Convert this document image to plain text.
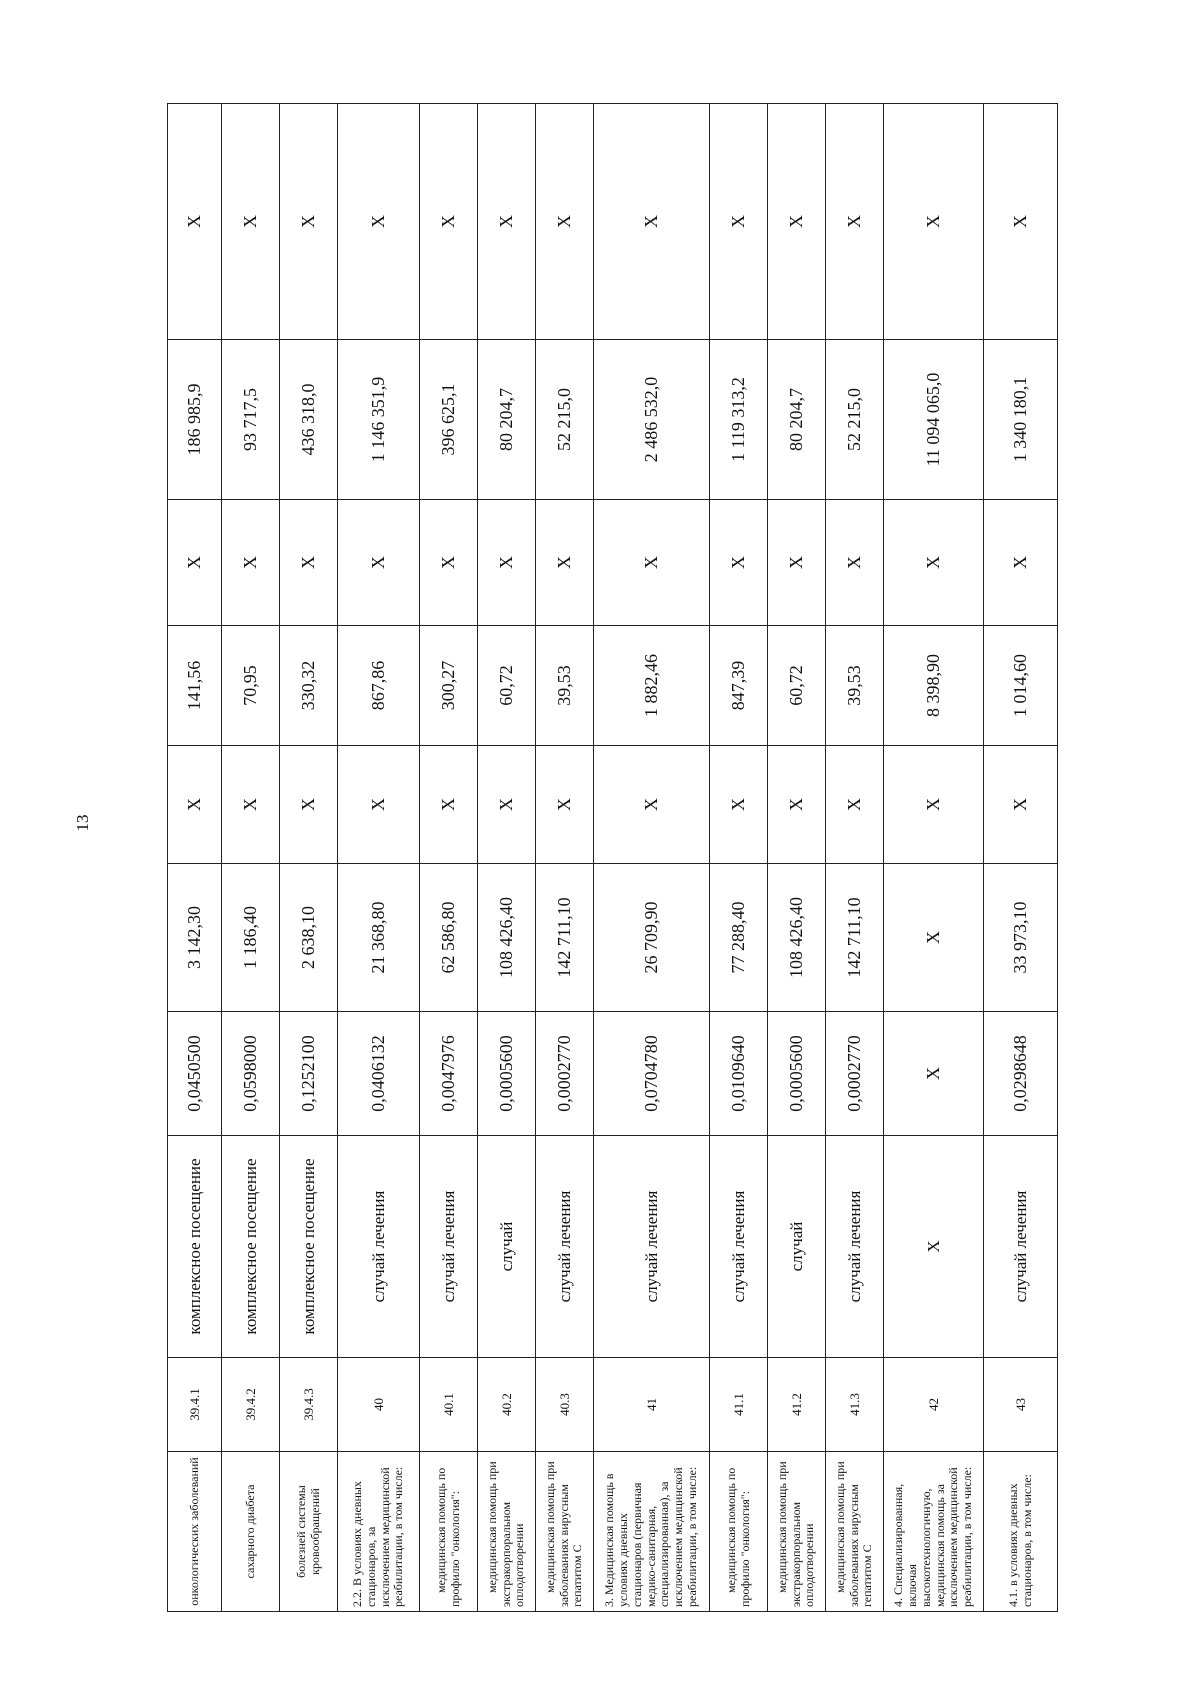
13
онкологических заболеваний	39.4.1	комплексное посещение	0,0450500	3 142,30	X	141,56	X	186 985,9	X
сахарного диабета	39.4.2	комплексное посещение	0,0598000	1 186,40	X	70,95	X	93 717,5	X
болезней системы кровообращений	39.4.3	комплексное посещение	0,1252100	2 638,10	X	330,32	X	436 318,0	X
2.2. В условиях дневных стационаров, за исключением медицинской реабилитации, в том числе:	40	случай лечения	0,0406132	21 368,80	X	867,86	X	1 146 351,9	X
медицинская помощь по профилю "онкология":	40.1	случай лечения	0,0047976	62 586,80	X	300,27	X	396 625,1	X
медицинская помощь при экстракорпоральном оплодотворении	40.2	случай	0,0005600	108 426,40	X	60,72	X	80 204,7	X
медицинская помощь при заболеваниях вирусным гепатитом С	40.3	случай лечения	0,0002770	142 711,10	X	39,53	X	52 215,0	X
3. Медицинская помощь в условиях дневных стационаров (первичная медико-санитарная, специализированная), за исключением медицинской реабилитации, в том числе:	41	случай лечения	0,0704780	26 709,90	X	1 882,46	X	2 486 532,0	X
медицинская помощь по профилю "онкология":	41.1	случай лечения	0,0109640	77 288,40	X	847,39	X	1 119 313,2	X
медицинская помощь при экстракорпоральном оплодотворении	41.2	случай	0,0005600	108 426,40	X	60,72	X	80 204,7	X
медицинская помощь при заболеваниях вирусным гепатитом С	41.3	случай лечения	0,0002770	142 711,10	X	39,53	X	52 215,0	X
4. Специализированная, включая высокотехнологичную, медицинская помощь за исключением медицинской реабилитации, в том числе:	42	X	X	X	X	8 398,90	X	11 094 065,0	X
4.1. в условиях дневных стационаров, в том числе:	43	случай лечения	0,0298648	33 973,10	X	1 014,60	X	1 340 180,1	X
